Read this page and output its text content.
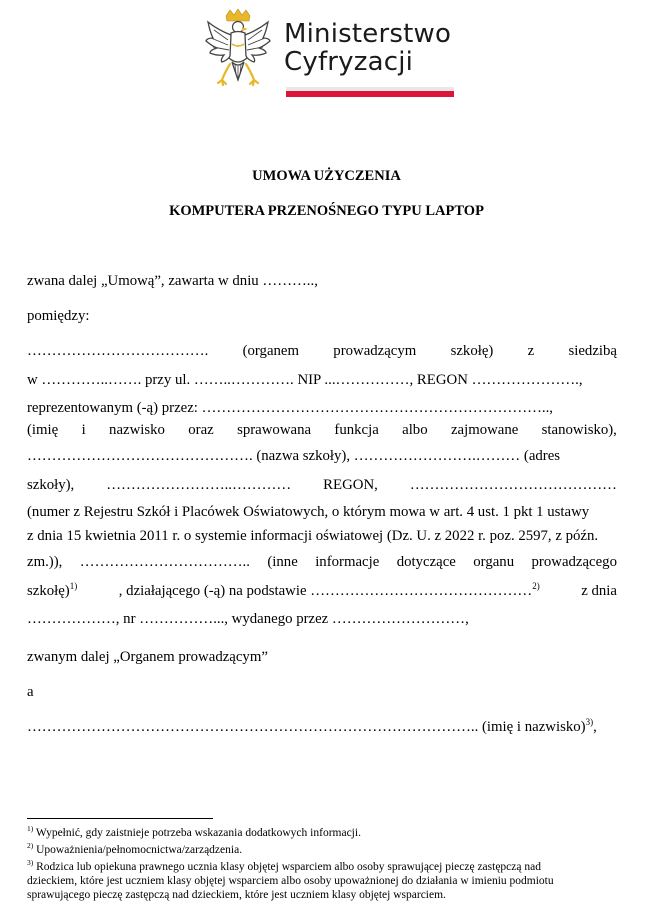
Ministerstwo
Cyfryzacji
UMOWA UŻYCZENIA
KOMPUTERA PRZENOŚNEGO TYPU LAPTOP
zwana dalej „Umową”, zawarta w dniu ………..,
pomiędzy:
………………………………. (organem prowadzącym szkołę) z siedzibą
w …………..……. przy ul. ……..…………. NIP ...……………, REGON ………………….,
reprezentowanym (-ą) przez: ……………………………………………………………..,
(imię i nazwisko oraz sprawowana funkcja albo zajmowane stanowisko),
………………………………………. (nazwa szkoły), …………………….……… (adres
szkoły), ……………………..………… REGON, ……………………………………
(numer z Rejestru Szkół i Placówek Oświatowych, o którym mowa w art. 4 ust. 1 pkt 1 ustawy
z dnia 15 kwietnia 2011 r. o systemie informacji oświatowej (Dz. U. z 2022 r. poz. 2597, z późn.
zm.)), …………………………….. (inne informacje dotyczące organu prowadzącego
szkołę)$^{1)}$	, działającego (-ą) na podstawie ………………………………………$^{2)}$	z dnia
………………, nr ……………..., wydanego przez ………………………,
zwanym dalej „Organem prowadzącym”
a
……………………………………………………………………………….. (imię i nazwisko)$^{3)}$,
$^{1)}$ Wypełnić, gdy zaistnieje potrzeba wskazania dodatkowych informacji.
$^{2)}$ Upoważnienia/pełnomocnictwa/zarządzenia.
$^{3)}$ Rodzica lub opiekuna prawnego ucznia klasy objętej wsparciem albo osoby sprawującej pieczę zastępczą nad
dzieckiem, które jest uczniem klasy objętej wsparciem albo osoby upoważnionej do działania w imieniu podmiotu
sprawującego pieczę zastępczą nad dzieckiem, które jest uczniem klasy objętej wsparciem.
